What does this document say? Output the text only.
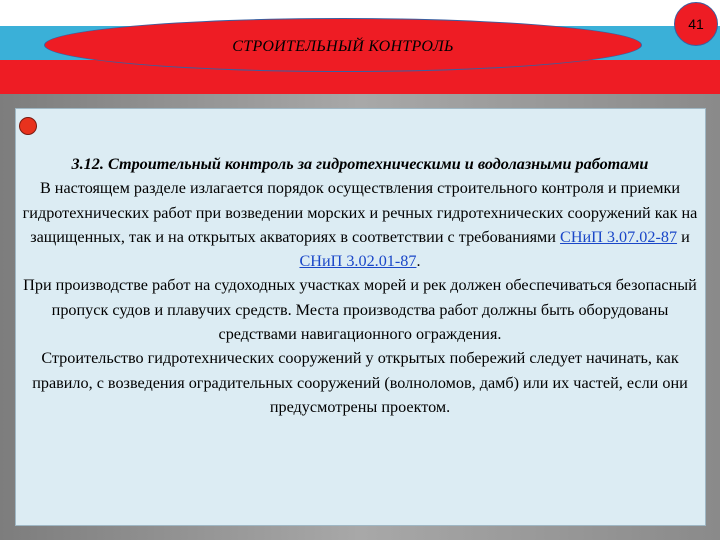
СТРОИТЕЛЬНЫЙ КОНТРОЛЬ
41

3.12. Строительный контроль за гидротехническими и водолазными работами

В настоящем разделе излагается порядок осуществления строительного контроля и приемки гидротехнических работ при возведении морских и речных гидротехнических сооружений как на защищенных, так и на открытых акваториях в соответствии с требованиями СНиП 3.07.02-87 и СНиП 3.02.01-87.

При производстве работ на судоходных участках морей и рек должен обеспечиваться безопасный пропуск судов и плавучих средств. Места производства работ должны быть оборудованы средствами навигационного ограждения.

Строительство гидротехнических сооружений у открытых побережий следует начинать, как правило, с возведения оградительных сооружений (волноломов, дамб) или их частей, если они предусмотрены проектом.
